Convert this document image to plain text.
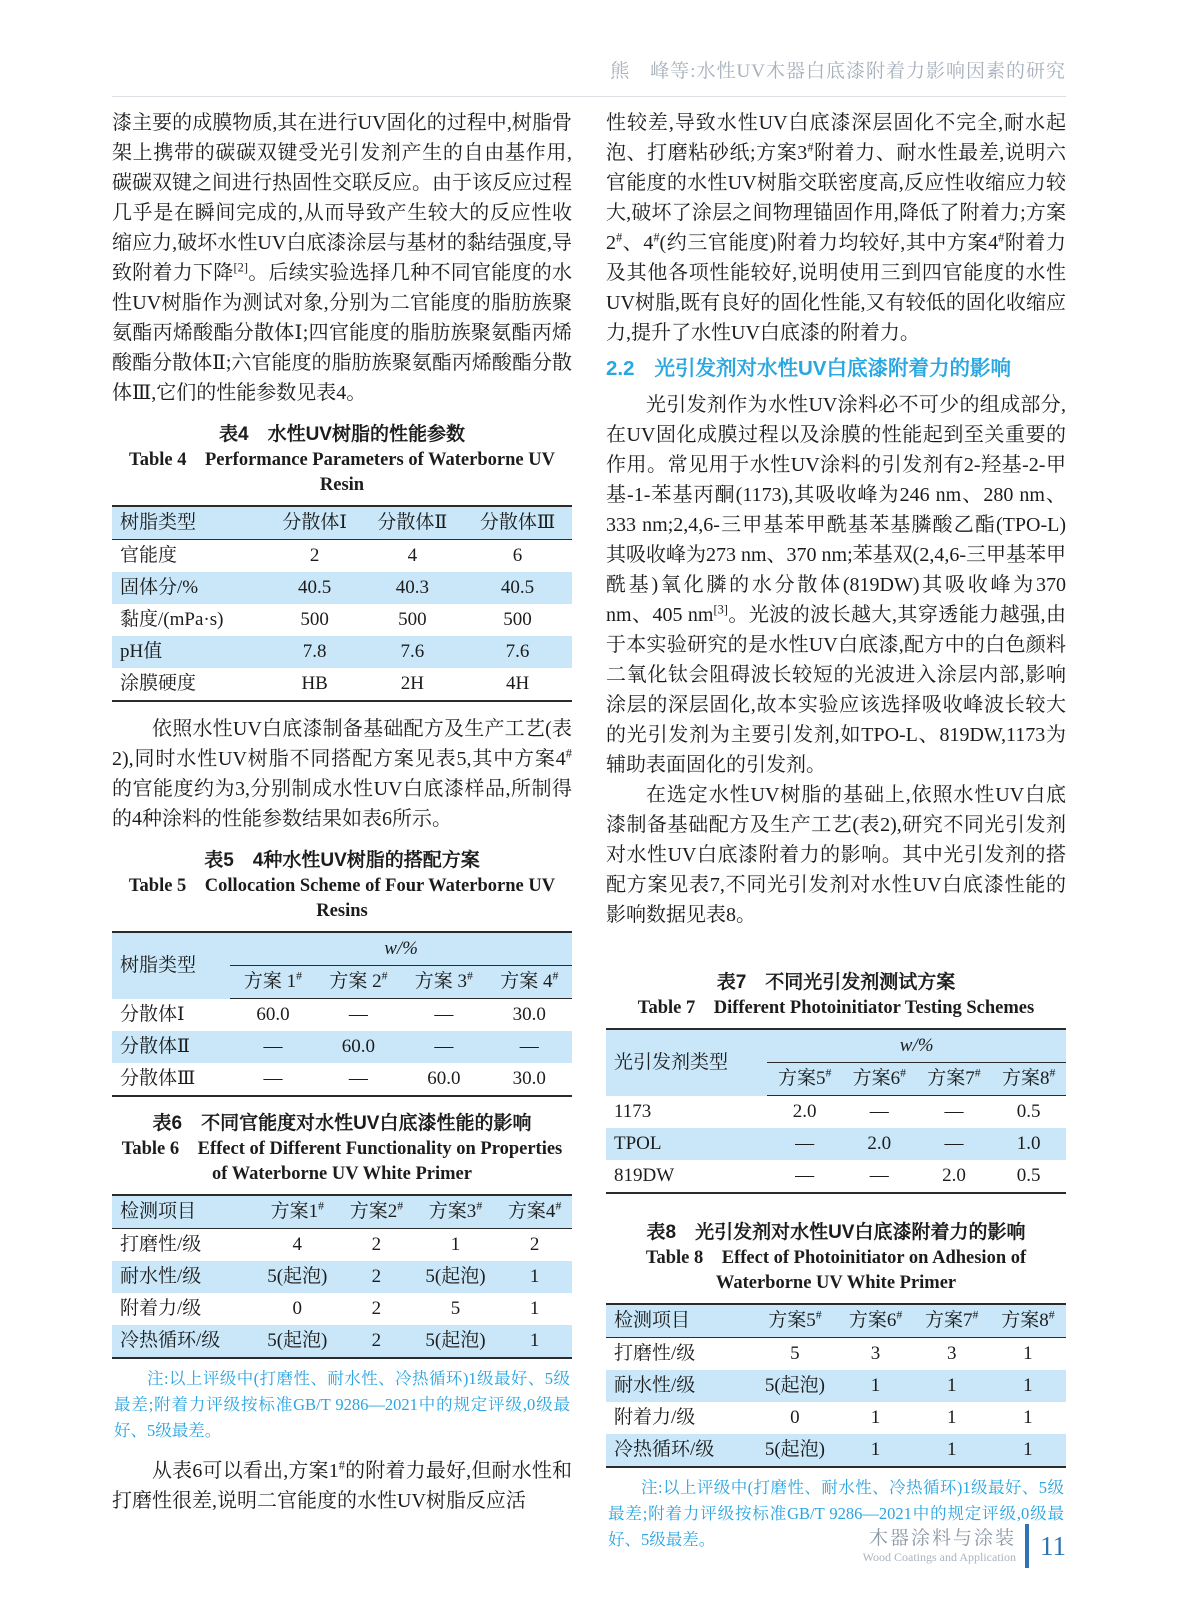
熊　峰等:水性UV木器白底漆附着力影响因素的研究

漆主要的成膜物质,其在进行UV固化的过程中,树脂骨架上携带的碳碳双键受光引发剂产生的自由基作用,碳碳双键之间进行热固性交联反应。由于该反应过程几乎是在瞬间完成的,从而导致产生较大的反应性收缩应力,破坏水性UV白底漆涂层与基材的黏结强度,导致附着力下降[2]。后续实验选择几种不同官能度的水性UV树脂作为测试对象,分别为二官能度的脂肪族聚氨酯丙烯酸酯分散体Ⅰ;四官能度的脂肪族聚氨酯丙烯酸酯分散体Ⅱ;六官能度的脂肪族聚氨酯丙烯酸酯分散体Ⅲ,它们的性能参数见表4。

表4　水性UV树脂的性能参数
Table 4　Performance Parameters of Waterborne UV Resin
树脂类型	分散体Ⅰ	分散体Ⅱ	分散体Ⅲ
官能度	2	4	6
固体分/%	40.5	40.3	40.5
黏度/(mPa·s)	500	500	500
pH值	7.8	7.6	7.6
涂膜硬度	HB	2H	4H

依照水性UV白底漆制备基础配方及生产工艺(表2),同时水性UV树脂不同搭配方案见表5,其中方案4#的官能度约为3,分别制成水性UV白底漆样品,所制得的4种涂料的性能参数结果如表6所示。

表5　4种水性UV树脂的搭配方案
Table 5　Collocation Scheme of Four Waterborne UV Resins
树脂类型	w/%			
	方案 1#	方案 2#	方案 3#	方案 4#
分散体Ⅰ	60.0	—	—	30.0
分散体Ⅱ	—	60.0	—	—
分散体Ⅲ	—	—	60.0	30.0
表6　不同官能度对水性UV白底漆性能的影响
Table 6　Effect of Different Functionality on Properties of Waterborne UV White Primer
检测项目	方案1#	方案2#	方案3#	方案4#
打磨性/级	4	2	1	2
耐水性/级	5(起泡)	2	5(起泡)	1
附着力/级	0	2	5	1
冷热循环/级	5(起泡)	2	5(起泡)	1

注:以上评级中(打磨性、耐水性、冷热循环)1级最好、5级最差;附着力评级按标准GB/T 9286—2021中的规定评级,0级最好、5级最差。

从表6可以看出,方案1#的附着力最好,但耐水性和打磨性很差,说明二官能度的水性UV树脂反应活

性较差,导致水性UV白底漆深层固化不完全,耐水起泡、打磨粘砂纸;方案3#附着力、耐水性最差,说明六官能度的水性UV树脂交联密度高,反应性收缩应力较大,破坏了涂层之间物理锚固作用,降低了附着力;方案2#、4#(约三官能度)附着力均较好,其中方案4#附着力及其他各项性能较好,说明使用三到四官能度的水性UV树脂,既有良好的固化性能,又有较低的固化收缩应力,提升了水性UV白底漆的附着力。

2.2 光引发剂对水性UV白底漆附着力的影响

光引发剂作为水性UV涂料必不可少的组成部分,在UV固化成膜过程以及涂膜的性能起到至关重要的作用。常见用于水性UV涂料的引发剂有2-羟基-2-甲基-1-苯基丙酮(1173),其吸收峰为246 nm、280 nm、333 nm;2,4,6-三甲基苯甲酰基苯基膦酸乙酯(TPO-L)其吸收峰为273 nm、370 nm;苯基双(2,4,6-三甲基苯甲酰基)氧化膦的水分散体(819DW)其吸收峰为370 nm、405 nm[3]。光波的波长越大,其穿透能力越强,由于本实验研究的是水性UV白底漆,配方中的白色颜料二氧化钛会阻碍波长较短的光波进入涂层内部,影响涂层的深层固化,故本实验应该选择吸收峰波长较大的光引发剂为主要引发剂,如TPO-L、819DW,1173为辅助表面固化的引发剂。

在选定水性UV树脂的基础上,依照水性UV白底漆制备基础配方及生产工艺(表2),研究不同光引发剂对水性UV白底漆附着力的影响。其中光引发剂的搭配方案见表7,不同光引发剂对水性UV白底漆性能的影响数据见表8。

表7　不同光引发剂测试方案
Table 7　Different Photoinitiator Testing Schemes
光引发剂类型	w/%			
	方案5#	方案6#	方案7#	方案8#
1173	2.0	—	—	0.5
TPOL	—	2.0	—	1.0
819DW	—	—	2.0	0.5
表8　光引发剂对水性UV白底漆附着力的影响
Table 8　Effect of Photoinitiator on Adhesion of Waterborne UV White Primer
检测项目	方案5#	方案6#	方案7#	方案8#
打磨性/级	5	3	3	1
耐水性/级	5(起泡)	1	1	1
附着力/级	0	1	1	1
冷热循环/级	5(起泡)	1	1	1

注:以上评级中(打磨性、耐水性、冷热循环)1级最好、5级最差;附着力评级按标准GB/T 9286—2021中的规定评级,0级最好、5级最差。	木器涂料与涂装
Wood Coatings and Application 11
